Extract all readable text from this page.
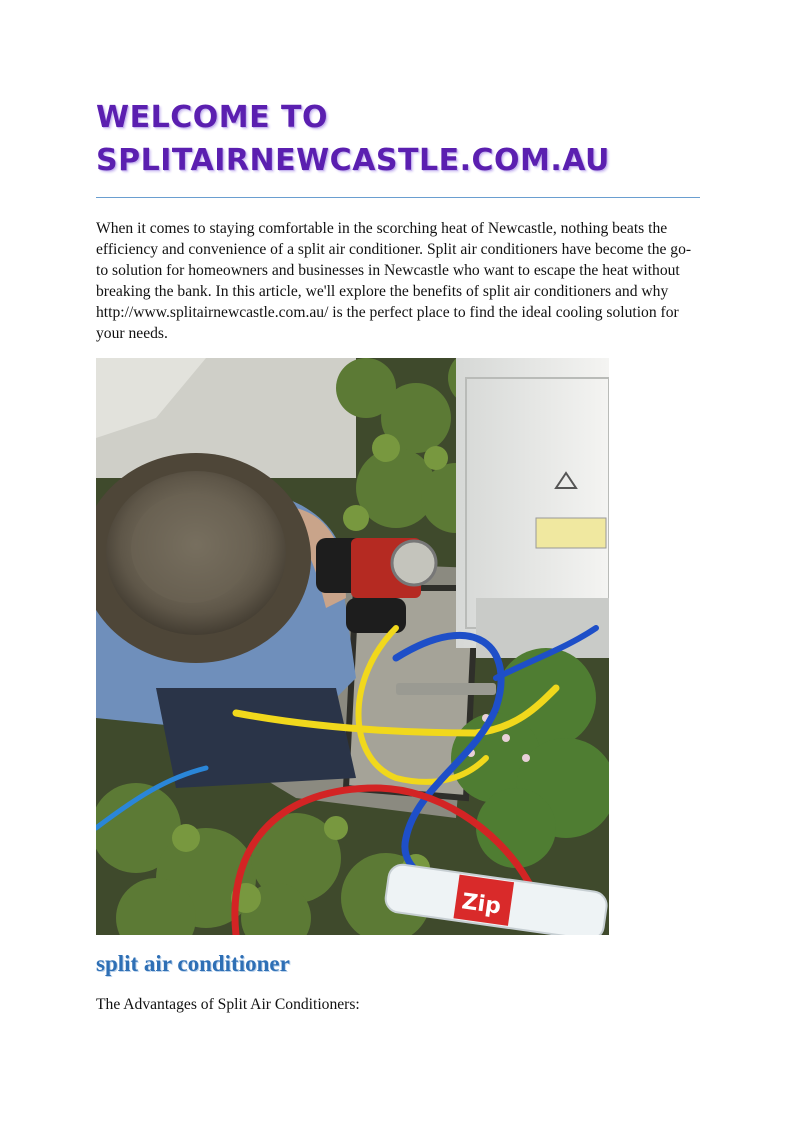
WELCOME TO
SPLITAIRNEWCASTLE.COM.AU

When it comes to staying comfortable in the scorching heat of Newcastle, nothing beats the efficiency and convenience of a split air conditioner. Split air conditioners have become the go-to solution for homeowners and businesses in Newcastle who want to escape the heat without breaking the bank. In this article, we'll explore the benefits of split air conditioners and why http://www.splitairnewcastle.com.au/ is the perfect place to find the ideal cooling solution for your needs.

Zip
split air conditioner

The Advantages of Split Air Conditioners:
